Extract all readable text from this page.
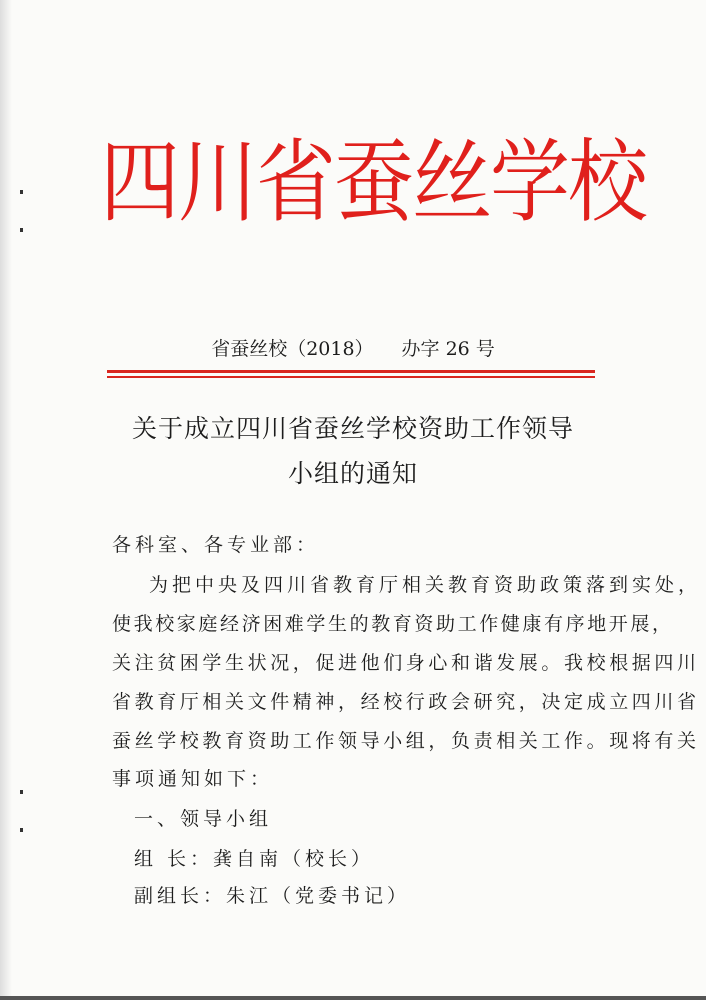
四川省蚕丝学校
省蚕丝校（2018） 办字 26 号
关于成立四川省蚕丝学校资助工作领导
小组的通知
各科室、各专业部：
为把中央及四川省教育厅相关教育资助政策落到实处，
使我校家庭经济困难学生的教育资助工作健康有序地开展，
关注贫困学生状况，促进他们身心和谐发展。我校根据四川
省教育厅相关文件精神，经校行政会研究，决定成立四川省
蚕丝学校教育资助工作领导小组，负责相关工作。现将有关
事项通知如下：
一、领导小组
组 长：龚自南（校长）
副组长：朱江（党委书记）
